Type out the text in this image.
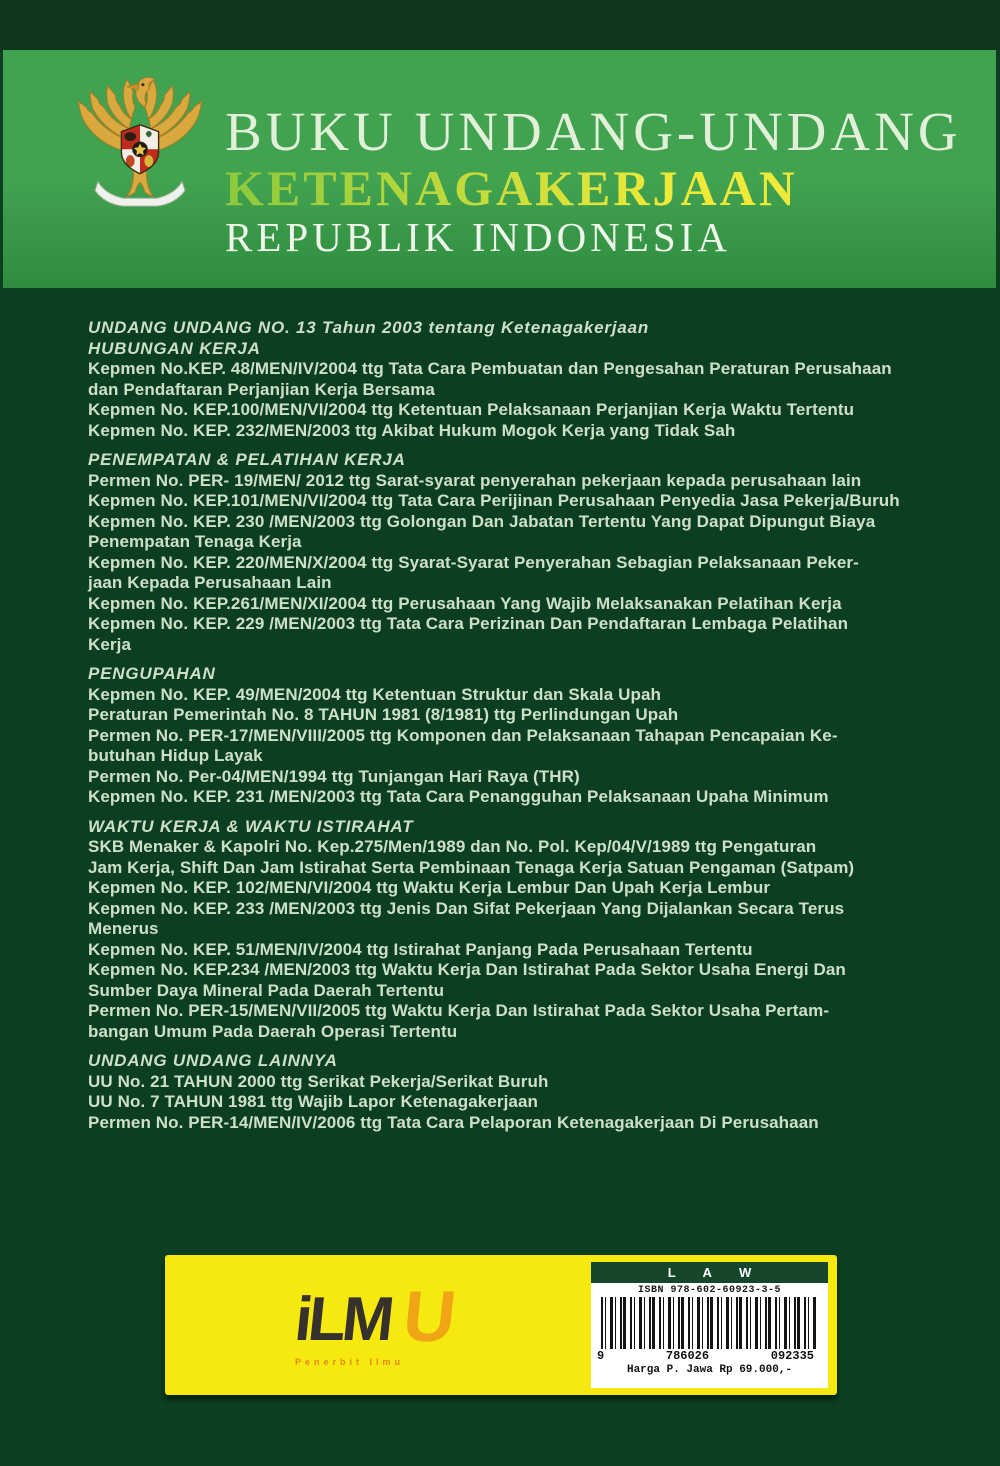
BUKU UNDANG-UNDANG
KETENAGAKERJAAN
REPUBLIK INDONESIA
UNDANG UNDANG NO. 13 Tahun 2003 tentang Ketenagakerjaan
HUBUNGAN KERJA
Kepmen No.KEP. 48/MEN/IV/2004 ttg Tata Cara Pembuatan dan Pengesahan Peraturan Perusahaan
dan Pendaftaran Perjanjian Kerja Bersama
Kepmen No. KEP.100/MEN/VI/2004 ttg Ketentuan Pelaksanaan Perjanjian Kerja Waktu Tertentu
Kepmen No. KEP. 232/MEN/2003 ttg Akibat Hukum Mogok Kerja yang Tidak Sah
PENEMPATAN & PELATIHAN KERJA
Permen No. PER- 19/MEN/ 2012 ttg Sarat-syarat penyerahan pekerjaan kepada perusahaan lain
Kepmen No. KEP.101/MEN/VI/2004 ttg Tata Cara Perijinan Perusahaan Penyedia Jasa Pekerja/Buruh
Kepmen No. KEP. 230 /MEN/2003 ttg Golongan Dan Jabatan Tertentu Yang Dapat Dipungut Biaya
Penempatan Tenaga Kerja
Kepmen No. KEP. 220/MEN/X/2004 ttg Syarat-Syarat Penyerahan Sebagian Pelaksanaan Peker-
jaan Kepada Perusahaan Lain
Kepmen No. KEP.261/MEN/XI/2004 ttg Perusahaan Yang Wajib Melaksanakan Pelatihan Kerja
Kepmen No. KEP. 229 /MEN/2003 ttg Tata Cara Perizinan Dan Pendaftaran Lembaga Pelatihan
Kerja
PENGUPAHAN
Kepmen No. KEP. 49/MEN/2004 ttg Ketentuan Struktur dan Skala Upah
Peraturan Pemerintah No. 8 TAHUN 1981 (8/1981) ttg Perlindungan Upah
Permen No. PER-17/MEN/VIII/2005 ttg Komponen dan Pelaksanaan Tahapan Pencapaian Ke-
butuhan Hidup Layak
Permen No. Per-04/MEN/1994 ttg Tunjangan Hari Raya (THR)
Kepmen No. KEP. 231 /MEN/2003 ttg Tata Cara Penangguhan Pelaksanaan Upaha Minimum
WAKTU KERJA & WAKTU ISTIRAHAT
SKB Menaker & Kapolri No. Kep.275/Men/1989 dan No. Pol. Kep/04/V/1989 ttg Pengaturan
Jam Kerja, Shift Dan Jam Istirahat Serta Pembinaan Tenaga Kerja Satuan Pengaman (Satpam)
Kepmen No. KEP. 102/MEN/VI/2004 ttg Waktu Kerja Lembur Dan Upah Kerja Lembur
Kepmen No. KEP. 233 /MEN/2003 ttg Jenis Dan Sifat Pekerjaan Yang Dijalankan Secara Terus
Menerus
Kepmen No. KEP. 51/MEN/IV/2004 ttg Istirahat Panjang Pada Perusahaan Tertentu
Kepmen No. KEP.234 /MEN/2003 ttg Waktu Kerja Dan Istirahat Pada Sektor Usaha Energi Dan
Sumber Daya Mineral Pada Daerah Tertentu
Permen No. PER-15/MEN/VII/2005 ttg Waktu Kerja Dan Istirahat Pada Sektor Usaha Pertam-
bangan Umum Pada Daerah Operasi Tertentu
UNDANG UNDANG LAINNYA
UU No. 21 TAHUN 2000 ttg Serikat Pekerja/Serikat Buruh
UU No. 7 TAHUN 1981 ttg Wajib Lapor Ketenagakerjaan
Permen No. PER-14/MEN/IV/2006 ttg Tata Cara Pelaporan Ketenagakerjaan Di Perusahaan
U
iLM
Penerbit Ilmu
L A W
ISBN 978-602-60923-3-5
9	786026	092335
Harga P. Jawa Rp 69.000,-
